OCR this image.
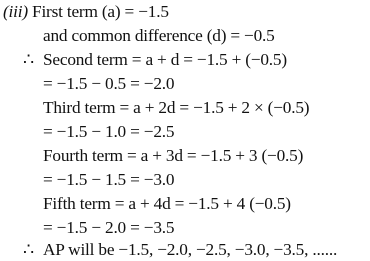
(iii) First term (a) = −1.5
and common difference (d) = −0.5
∴ Second term = a + d = −1.5 + (−0.5)
= −1.5 − 0.5 = −2.0
Third term = a + 2d = −1.5 + 2 × (−0.5)
= −1.5 − 1.0 = −2.5
Fourth term = a + 3d = −1.5 + 3 (−0.5)
= −1.5 − 1.5 = −3.0
Fifth term = a + 4d = −1.5 + 4 (−0.5)
= −1.5 − 2.0 = −3.5
∴ AP will be −1.5, −2.0, −2.5, −3.0, −3.5, ......
